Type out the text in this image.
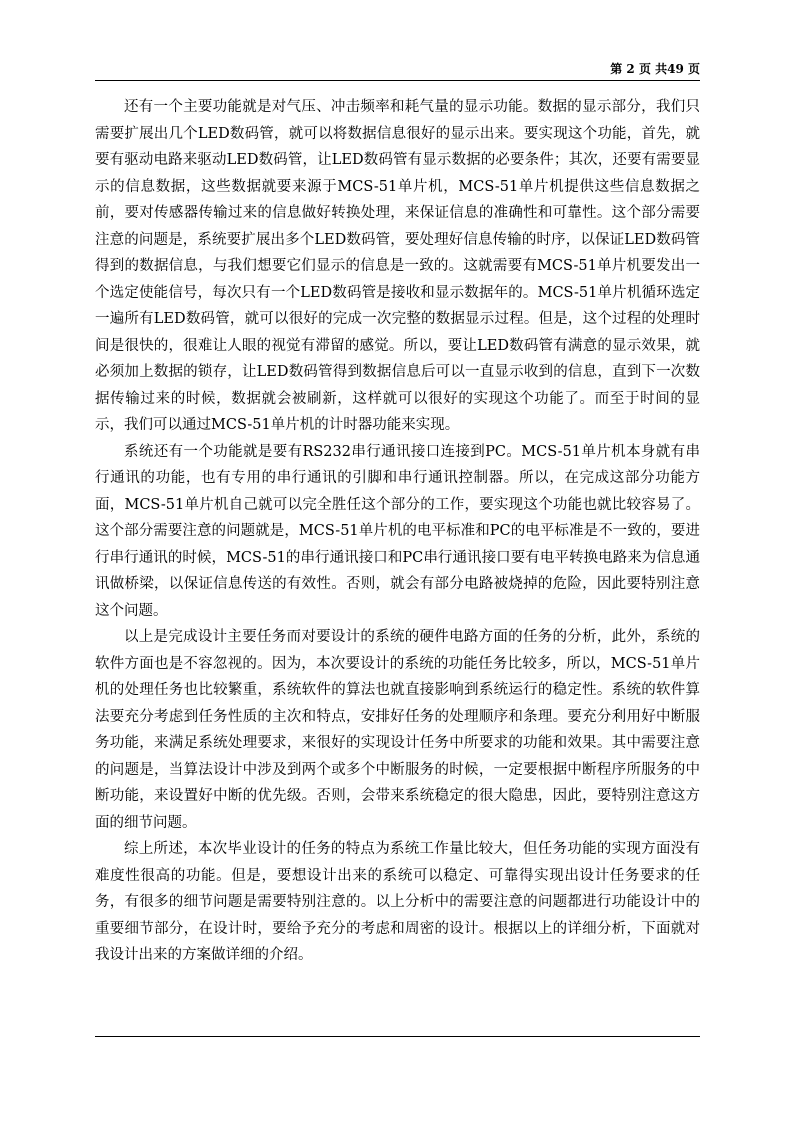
第 2 页 共49 页

还有一个主要功能就是对气压、冲击频率和耗气量的显示功能。数据的显示部分，我们只需要扩展出几个LED数码管，就可以将数据信息很好的显示出来。要实现这个功能，首先，就要有驱动电路来驱动LED数码管，让LED数码管有显示数据的必要条件；其次，还要有需要显示的信息数据，这些数据就要来源于MCS-51单片机，MCS-51单片机提供这些信息数据之前，要对传感器传输过来的信息做好转换处理，来保证信息的准确性和可靠性。这个部分需要注意的问题是，系统要扩展出多个LED数码管，要处理好信息传输的时序，以保证LED数码管得到的数据信息，与我们想要它们显示的信息是一致的。这就需要有MCS-51单片机要发出一个选定使能信号，每次只有一个LED数码管是接收和显示数据年的。MCS-51单片机循环选定一遍所有LED数码管，就可以很好的完成一次完整的数据显示过程。但是，这个过程的处理时间是很快的，很难让人眼的视觉有滞留的感觉。所以，要让LED数码管有满意的显示效果，就必须加上数据的锁存，让LED数码管得到数据信息后可以一直显示收到的信息，直到下一次数据传输过来的时候，数据就会被刷新，这样就可以很好的实现这个功能了。而至于时间的显示，我们可以通过MCS-51单片机的计时器功能来实现。

系统还有一个功能就是要有RS232串行通讯接口连接到PC。MCS-51单片机本身就有串行通讯的功能，也有专用的串行通讯的引脚和串行通讯控制器。所以，在完成这部分功能方面，MCS-51单片机自己就可以完全胜任这个部分的工作，要实现这个功能也就比较容易了。这个部分需要注意的问题就是，MCS-51单片机的电平标准和PC的电平标准是不一致的，要进行串行通讯的时候，MCS-51的串行通讯接口和PC串行通讯接口要有电平转换电路来为信息通讯做桥梁，以保证信息传送的有效性。否则，就会有部分电路被烧掉的危险，因此要特别注意这个问题。

以上是完成设计主要任务而对要设计的系统的硬件电路方面的任务的分析，此外，系统的软件方面也是不容忽视的。因为，本次要设计的系统的功能任务比较多，所以，MCS-51单片机的处理任务也比较繁重，系统软件的算法也就直接影响到系统运行的稳定性。系统的软件算法要充分考虑到任务性质的主次和特点，安排好任务的处理顺序和条理。要充分利用好中断服务功能，来满足系统处理要求，来很好的实现设计任务中所要求的功能和效果。其中需要注意的问题是，当算法设计中涉及到两个或多个中断服务的时候，一定要根据中断程序所服务的中断功能，来设置好中断的优先级。否则，会带来系统稳定的很大隐患，因此，要特别注意这方面的细节问题。

综上所述，本次毕业设计的任务的特点为系统工作量比较大，但任务功能的实现方面没有难度性很高的功能。但是，要想设计出来的系统可以稳定、可靠得实现出设计任务要求的任务，有很多的细节问题是需要特别注意的。以上分析中的需要注意的问题都进行功能设计中的重要细节部分，在设计时，要给予充分的考虑和周密的设计。根据以上的详细分析，下面就对我设计出来的方案做详细的介绍。
